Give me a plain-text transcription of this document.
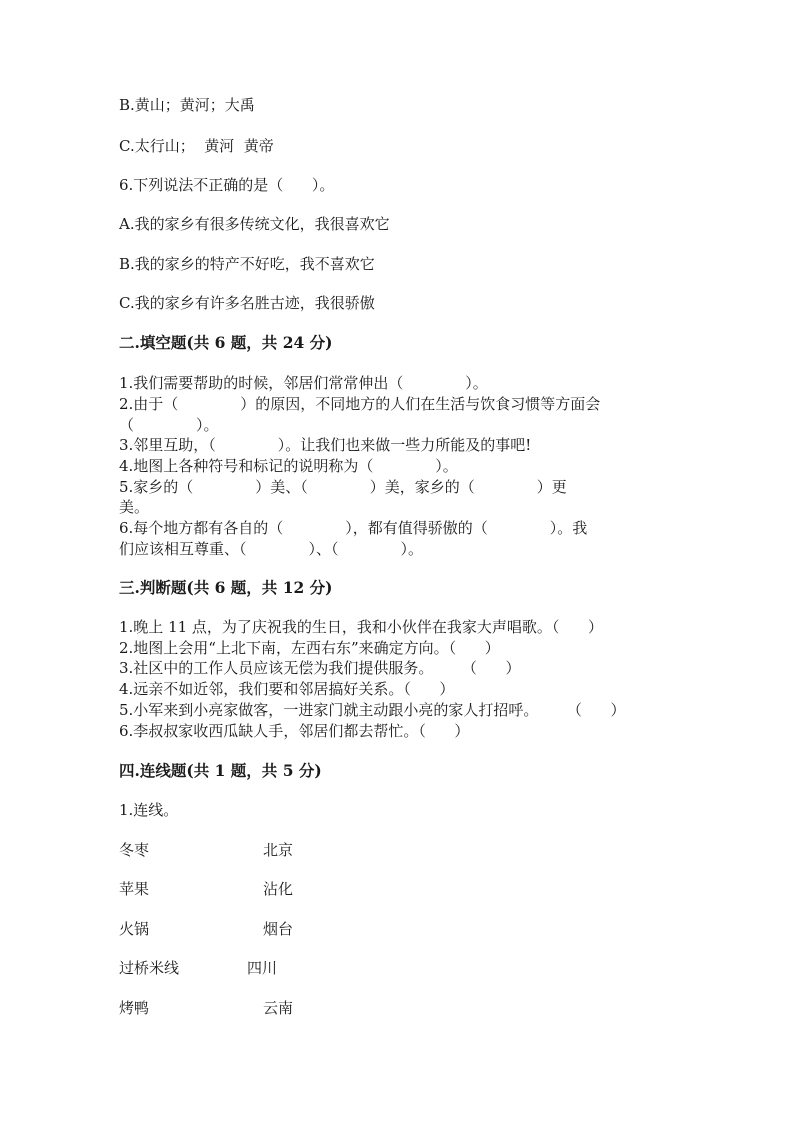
B.黄山；黄河；大禹
C.太行山；  黄河  黄帝
6.下列说法不正确的是（      ）。
A.我的家乡有很多传统文化，我很喜欢它
B.我的家乡的特产不好吃，我不喜欢它
C.我的家乡有许多名胜古迹，我很骄傲
二.填空题(共 6 题，共 24 分)
1.我们需要帮助的时候，邻居们常常伸出（             ）。
2.由于（             ）的原因，不同地方的人们在生活与饮食习惯等方面会
（             ）。
3.邻里互助，（             ）。让我们也来做一些力所能及的事吧!
4.地图上各种符号和标记的说明称为（             ）。
5.家乡的（             ）美、（             ）美，家乡的（             ）更
美。
6.每个地方都有各自的（             ），都有值得骄傲的（             ）。我
们应该相互尊重、（             ）、（             ）。
三.判断题(共 6 题，共 12 分)
1.晚上 11 点，为了庆祝我的生日，我和小伙伴在我家大声唱歌。（      ）
2.地图上会用“上北下南，左西右东”来确定方向。（      ）
3.社区中的工作人员应该无偿为我们提供服务。      （      ）
4.远亲不如近邻，我们要和邻居搞好关系。（      ）
5.小军来到小亮家做客，一进家门就主动跟小亮的家人打招呼。      （      ）
6.李叔叔家收西瓜缺人手，邻居们都去帮忙。（      ）
四.连线题(共 1 题，共 5 分)
1.连线。
冬枣	北京
苹果	沾化
火锅	烟台
过桥米线	四川
烤鸭	云南
